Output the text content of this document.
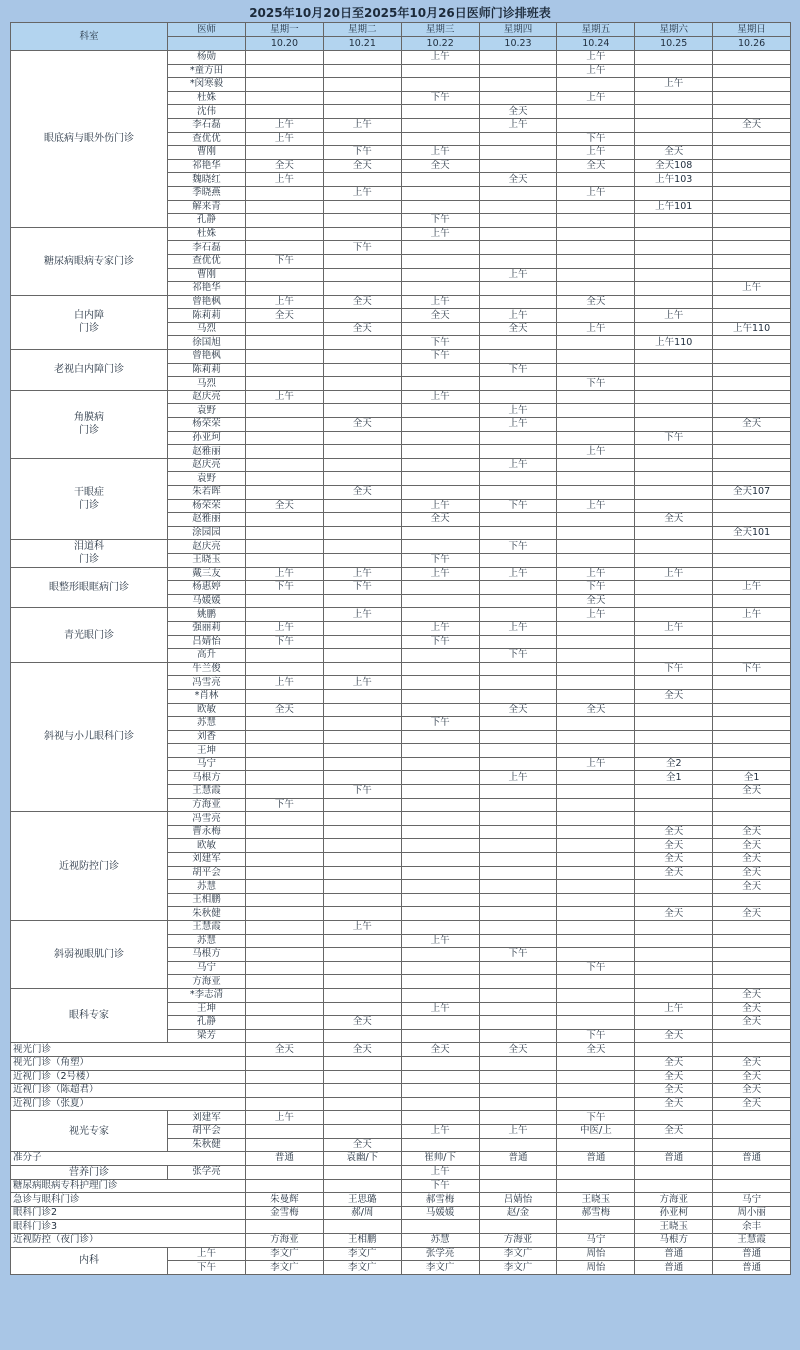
2025年10月20日至2025年10月26日医师门诊排班表
科室	医师	星期一	星期二	星期三	星期四	星期五	星期六	星期日
		10.20	10.21	10.22	10.23	10.24	10.25	10.26
眼底病与眼外伤门诊	杨勋			上午		上午		
	*童方田					上午		
	*闵寒毅						上午	
	杜姝			下午		上午		
	沈伟				全天			
	李石磊	上午	上午		上午			全天
	查优优	上午				下午		
	曹刚		下午	上午		上午	全天	
	祁艳华	全天	全天	全天		全天	全天108	
	魏晓红	上午			全天		上午103	
	季晓燕		上午			上午		
	解来青						上午101	
	孔静			下午				
糖尿病眼病专家门诊	杜姝			上午				
	李石磊		下午					
	查优优	下午						
	曹刚				上午			
	祁艳华							上午
白内障
门诊	曾艳枫	上午	全天	上午		全天		
	陈莉莉	全天		全天	上午		上午	
	马烈		全天		全天	上午		上午110
	徐国旭			下午			上午110	
老视白内障门诊	曾艳枫			下午				
	陈莉莉				下午			
	马烈					下午		
角膜病
门诊	赵庆亮	上午		上午				
	袁野				上午			
	杨荣荣		全天		上午			全天
	孙亚珂						下午	
	赵雅丽					上午		
干眼症
门诊	赵庆亮				上午			
	袁野							
	朱若晖		全天					全天107
	杨荣荣	全天		上午	下午	上午		
	赵雅丽			全天			全天	
	涂园园							全天101
泪道科
门诊	赵庆亮				下午			
	王晓玉			下午				
眼整形眼眶病门诊	戴三友	上午	上午	上午	上午	上午	上午	
	杨惠婷	下午	下午			下午		上午
	马媛媛					全天		
青光眼门诊	姚鹏		上午			上午		上午
	强丽莉	上午		上午	上午		上午	
	吕婧怡	下午		下午				
	高升				下午			
斜视与小儿眼科门诊	牛兰俊						下午	下午
	冯雪亮	上午	上午					
	*肖林						全天	
	欧敏	全天			全天	全天		
	苏慧			下午				
	刘香							
	王坤							
	马宁					上午	全2	
	马根方				上午		全1	全1
	王慧霞		下午					全天
	方海亚	下午						
近视防控门诊	冯雪亮							
	曹永梅						全天	全天
	欧敏						全天	全天
	刘建军						全天	全天
	胡平会						全天	全天
	苏慧							全天
	王相鹏							
	朱秋健						全天	全天
斜弱视眼肌门诊	王慧霞		上午					
	苏慧			上午				
	马根方				下午			
	马宁					下午		
	方海亚							
眼科专家	*李志清							全天
	王坤			上午			上午	全天
	孔静		全天					全天
	梁芳					下午	全天	
视光门诊		全天	全天	全天	全天	全天		
视光门诊（角塑）							全天	全天
近视门诊（2号楼）							全天	全天
近视门诊（陈超君）							全天	全天
近视门诊（张夏）							全天	全天
视光专家	刘建军	上午				下午		
	胡平会			上午	上午	中医/上	全天	
	朱秋健		全天					
准分子		普通	袁幽/下	崔帅/下	普通	普通	普通	普通
营养门诊	张学亮			上午				
糖尿病眼病专科护理门诊				下午				
急诊与眼科门诊		朱曼辉	王思璐	郝雪梅	吕婧怡	王晓玉	方海亚	马宁
眼科门诊2		金雪梅	郝/周	马媛媛	赵/金	郝雪梅	孙亚柯	周小丽
眼科门诊3							王晓玉	余丰
近视防控（夜门诊）		方海亚	王相鹏	苏慧	方海亚	马宁	马根方	王慧霞
内科	上午	李文广	李文广	张学亮	李文广	周怡	普通	普通
	下午	李文广	李文广	李文广	李文广	周怡	普通	普通
